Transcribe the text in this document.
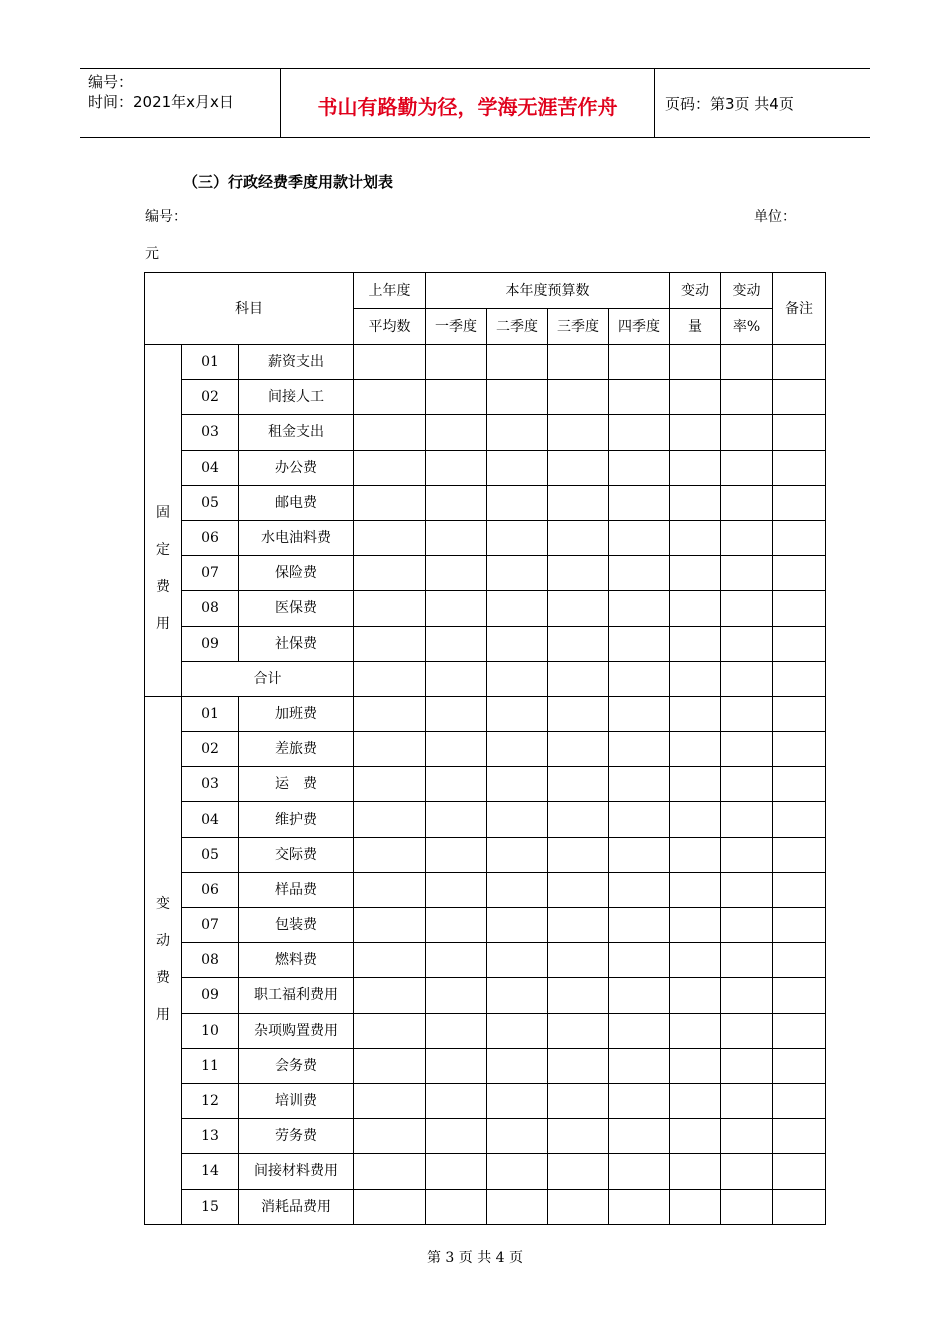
编号：
时间：2021年x月x日	书山有路勤为径，学海无涯苦作舟	页码：第3页 共4页
（三）行政经费季度用款计划表
编号：	单位：
元
科目			上年度	本年度预算数				变动	变动	备注
			平均数	一季度	二季度	三季度	四季度	量	率%	

固
定
费
用	01	薪资支出								
	02	间接人工								
	03	租金支出								
	04	办公费								
	05	邮电费								
	06	水电油料费								
	07	保险费								
	08	医保费								
	09	社保费								
	合计									

变
动
费
用	01	加班费								
	02	差旅费								
	03	运　费								
	04	维护费								
	05	交际费								
	06	样品费								
	07	包装费								
	08	燃料费								
	09	职工福利费用								
	10	杂项购置费用								
	11	会务费								
	12	培训费								
	13	劳务费								
	14	间接材料费用								
	15	消耗品费用								
第 3 页 共 4 页
